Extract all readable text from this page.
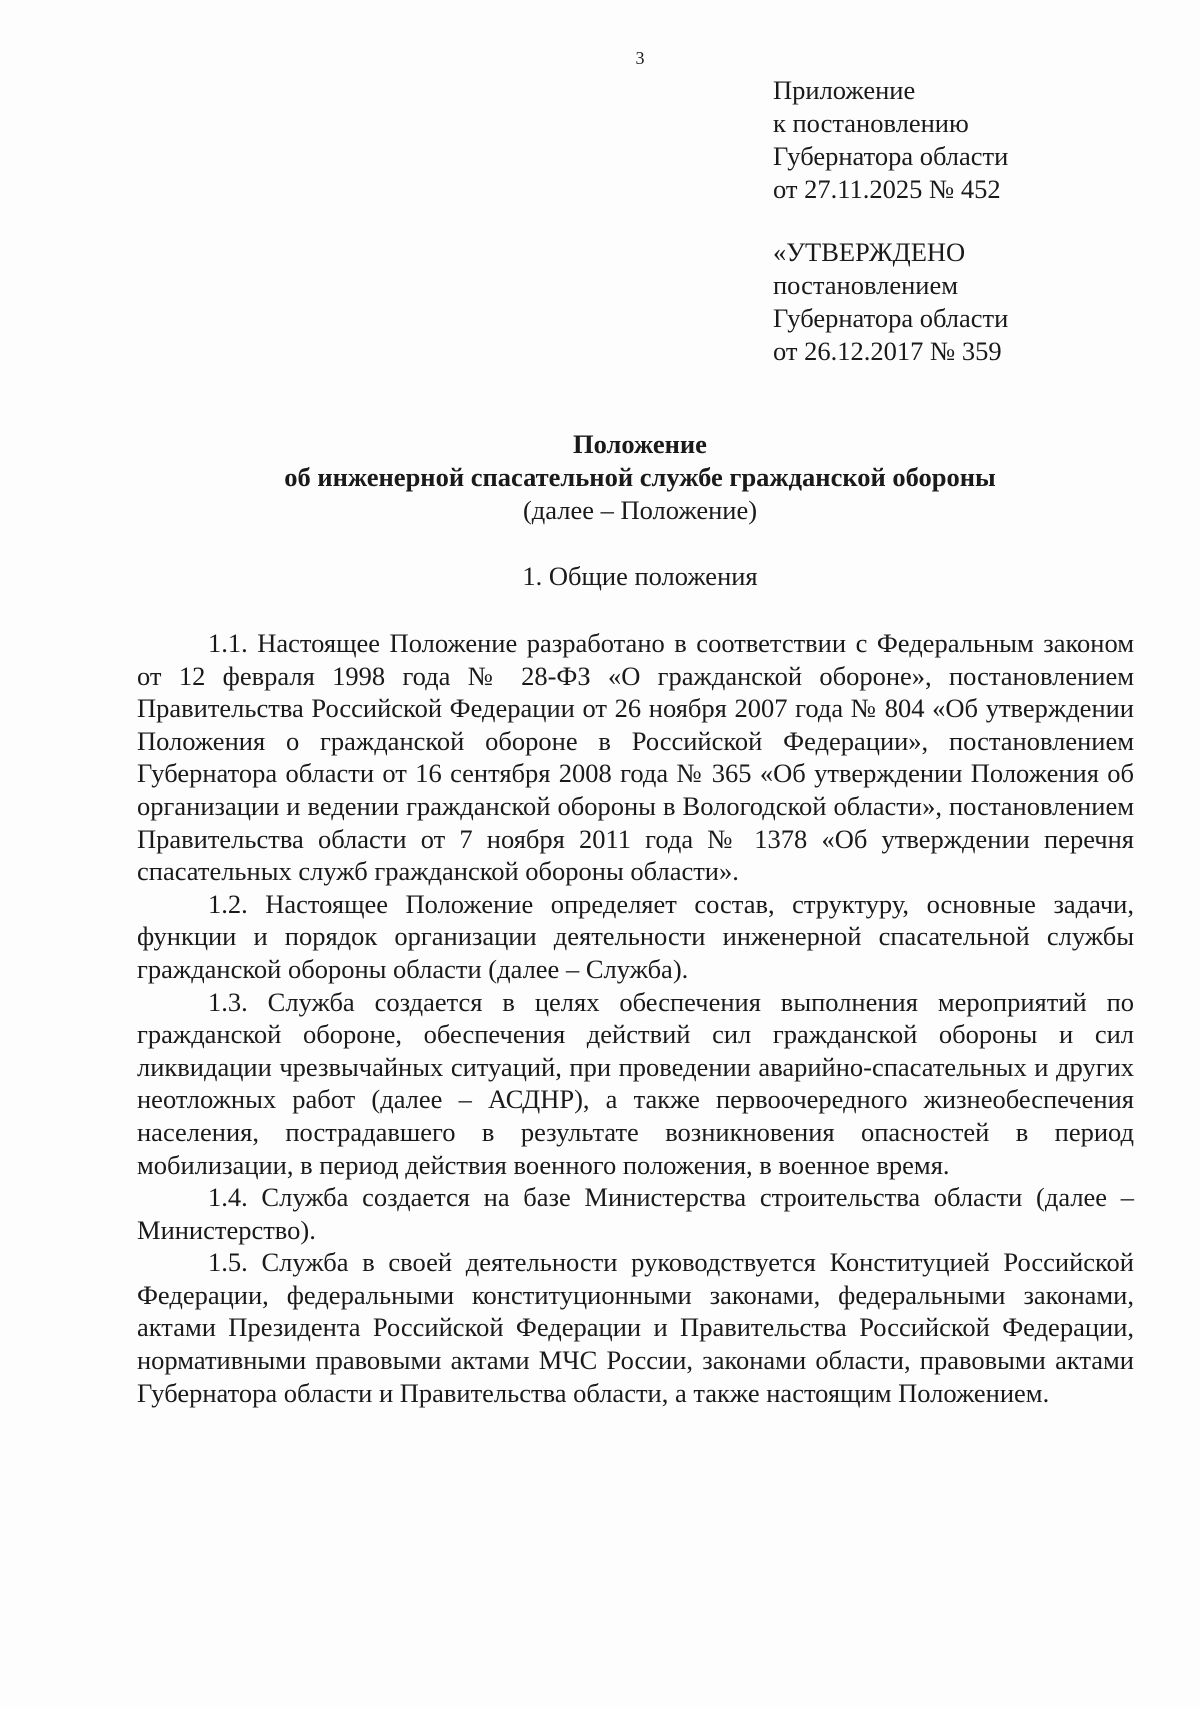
3
Приложение
к постановлению
Губернатора области
от 27.11.2025 № 452
«УТВЕРЖДЕНО
постановлением
Губернатора области
от 26.12.2017 № 359
Положение
об инженерной спасательной службе гражданской обороны
(далее – Положение)
1. Общие положения

1.1. Настоящее Положение разработано в соответствии с Федеральным законом от 12 февраля 1998 года № 28-ФЗ «О гражданской обороне», постановлением Правительства Российской Федерации от 26 ноября 2007 года № 804 «Об утверждении Положения о гражданской обороне в Российской Федерации», постановлением Губернатора области от 16 сентября 2008 года № 365 «Об утверждении Положения об организации и ведении гражданской обороны в Вологодской области», постановлением Правительства области от 7 ноября 2011 года № 1378 «Об утверждении перечня спасательных служб гражданской обороны области».

1.2. Настоящее Положение определяет состав, структуру, основные задачи, функции и порядок организации деятельности инженерной спасательной службы гражданской обороны области (далее – Служба).

1.3. Служба создается в целях обеспечения выполнения мероприятий по гражданской обороне, обеспечения действий сил гражданской обороны и сил ликвидации чрезвычайных ситуаций, при проведении аварийно-спасательных и других неотложных работ (далее – АСДНР), а также первоочередного жизнеобеспечения населения, пострадавшего в результате возникновения опасностей в период мобилизации, в период действия военного положения, в военное время.

1.4. Служба создается на базе Министерства строительства области (далее – Министерство).

1.5. Служба в своей деятельности руководствуется Конституцией Российской Федерации, федеральными конституционными законами, федеральными законами, актами Президента Российской Федерации и Правительства Российской Федерации, нормативными правовыми актами МЧС России, законами области, правовыми актами Губернатора области и Правительства области, а также настоящим Положением.
